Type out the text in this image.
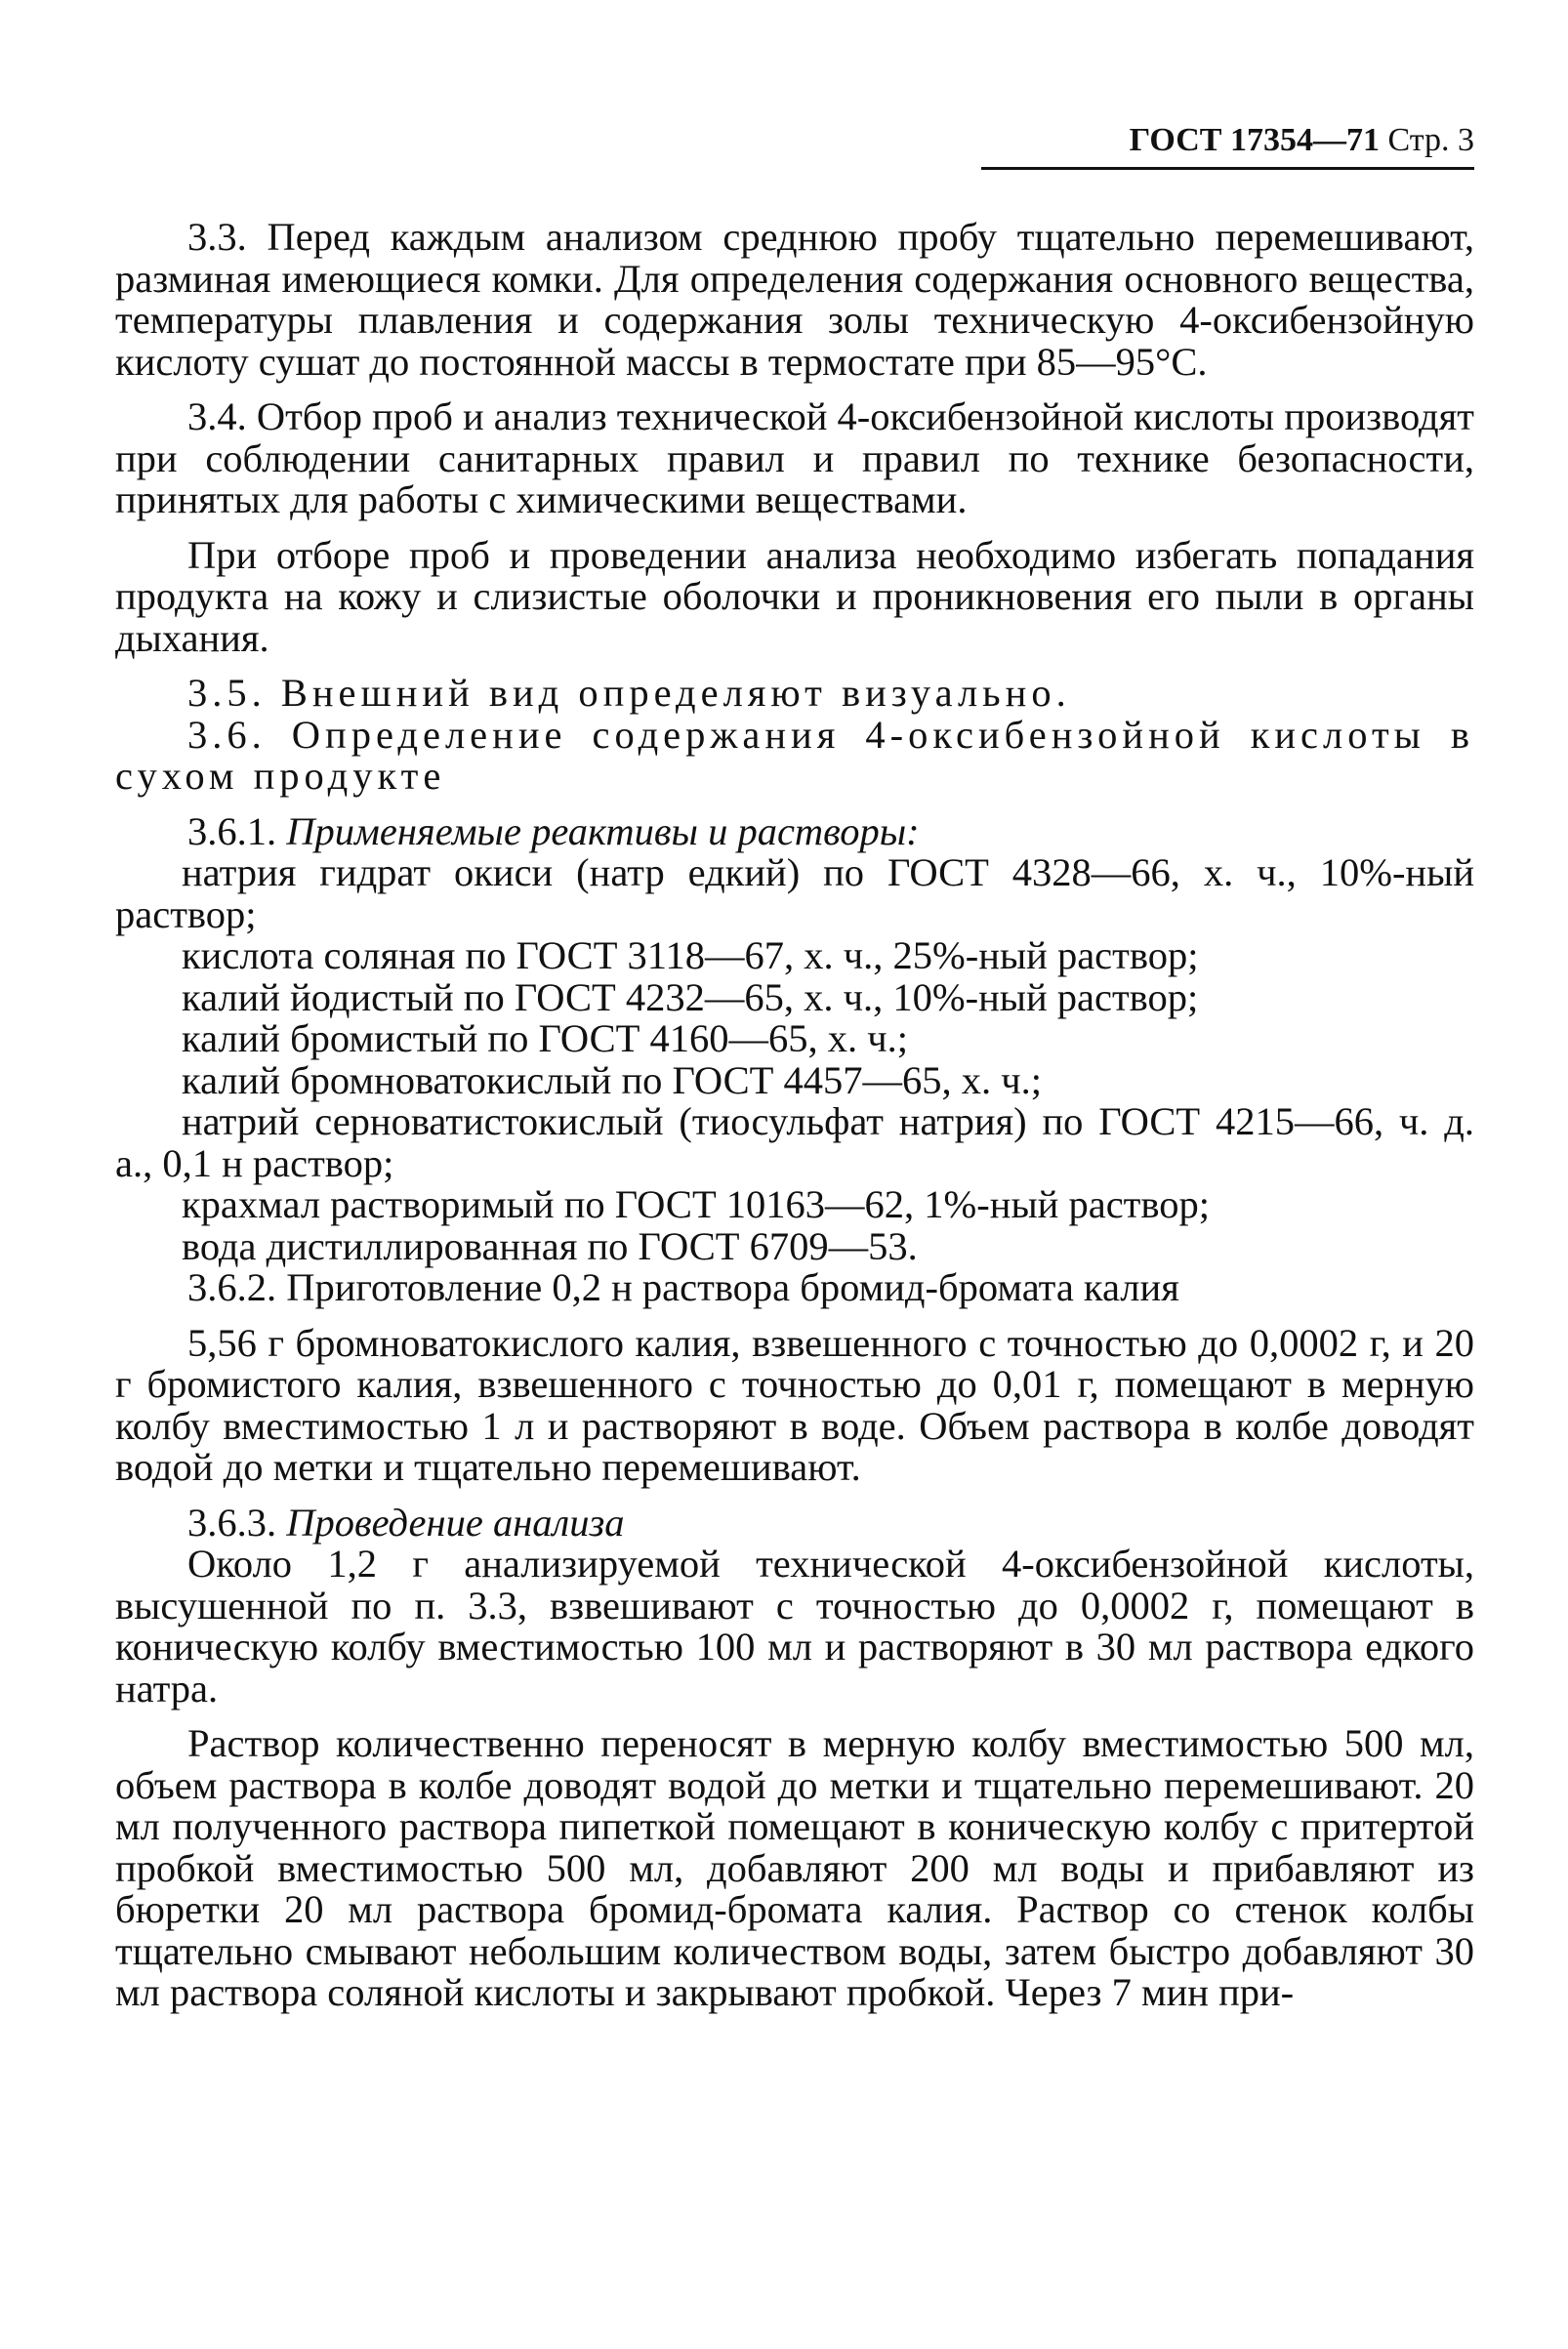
ГОСТ 17354—71 Стр. 3

3.3. Перед каждым анализом среднюю пробу тщательно перемешивают, разминая имеющиеся комки. Для определения содержания основного вещества, температуры плавления и содержания золы техническую 4-оксибензойную кислоту сушат до постоянной массы в термостате при 85—95°C.

3.4. Отбор проб и анализ технической 4-оксибензойной кислоты производят при соблюдении санитарных правил и правил по технике безопасности, принятых для работы с химическими веществами.

При отборе проб и проведении анализа необходимо избегать попадания продукта на кожу и слизистые оболочки и проникновения его пыли в органы дыхания.

3.5. Внешний вид определяют визуально.

3.6. Определение содержания 4-оксибензойной кислоты в сухом продукте

3.6.1. Применяемые реактивы и растворы:

натрия гидрат окиси (натр едкий) по ГОСТ 4328—66, х. ч., 10%-ный раствор;

кислота соляная по ГОСТ 3118—67, х. ч., 25%-ный раствор;

калий йодистый по ГОСТ 4232—65, х. ч., 10%-ный раствор;

калий бромистый по ГОСТ 4160—65, х. ч.;

калий бромноватокислый по ГОСТ 4457—65, х. ч.;

натрий серноватистокислый (тиосульфат натрия) по ГОСТ 4215—66, ч. д. а., 0,1 н раствор;

крахмал растворимый по ГОСТ 10163—62, 1%-ный раствор;

вода дистиллированная по ГОСТ 6709—53.

3.6.2. Приготовление 0,2 н раствора бромид-бромата калия

5,56 г бромноватокислого калия, взвешенного с точностью до 0,0002 г, и 20 г бромистого калия, взвешенного с точностью до 0,01 г, помещают в мерную колбу вместимостью 1 л и растворяют в воде. Объем раствора в колбе доводят водой до метки и тщательно перемешивают.

3.6.3. Проведение анализа

Около 1,2 г анализируемой технической 4-оксибензойной кислоты, высушенной по п. 3.3, взвешивают с точностью до 0,0002 г, помещают в коническую колбу вместимостью 100 мл и растворяют в 30 мл раствора едкого натра.

Раствор количественно переносят в мерную колбу вместимостью 500 мл, объем раствора в колбе доводят водой до метки и тщательно перемешивают. 20 мл полученного раствора пипеткой помещают в коническую колбу с притертой пробкой вместимостью 500 мл, добавляют 200 мл воды и прибавляют из бюретки 20 мл раствора бромид-бромата калия. Раствор со стенок колбы тщательно смывают небольшим количеством воды, затем быстро добавляют 30 мл раствора соляной кислоты и закрывают пробкой. Через 7 мин при-
